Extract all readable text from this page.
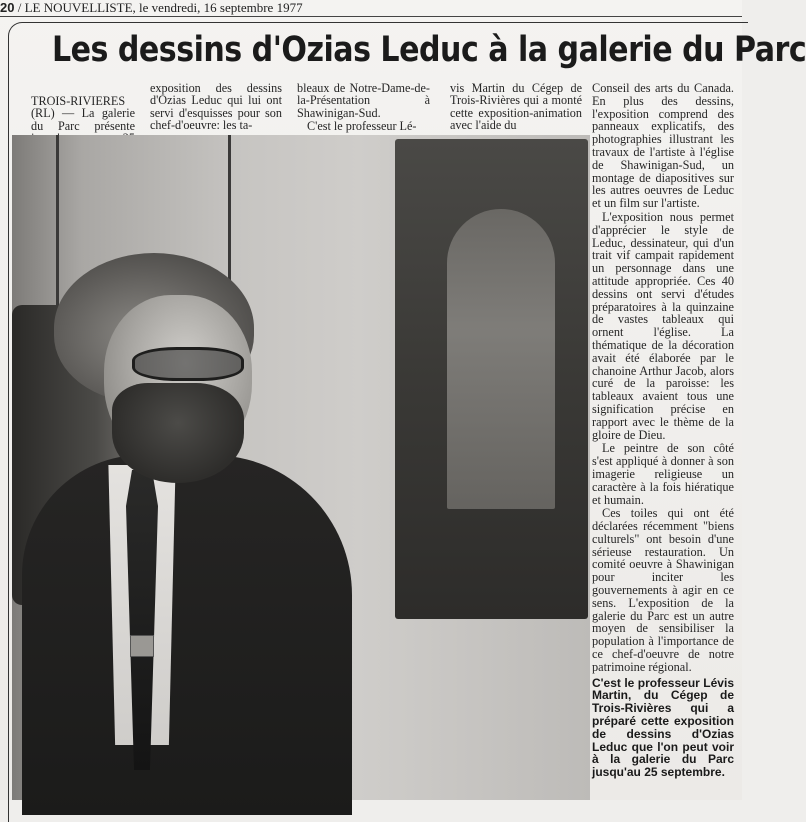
20 / LE NOUVELLISTE, le vendredi, 16 septembre 1977
Les dessins d'Ozias Leduc à la galerie du Parc

TROIS-RIVIERES (RL) — La galerie du Parc présente

exposition des dessins d'Ozias Leduc qui lui ont servi d'esquisses pour son chef-d'oeuvre: les ta-

bleaux de Notre-Dame-de-la-Présentation à Shawinigan-Sud.

C'est le professeur Lé-

vis Martin du Cégep de Trois-Rivières qui a monté cette exposition-animation avec l'aide du

Conseil des arts du Canada. En plus des dessins, l'exposition comprend des panneaux explicatifs, des photographies illustrant les travaux de l'artiste à l'église de Shawinigan-Sud, un montage de diapositives sur les autres oeuvres de Leduc et un film sur l'artiste.

L'exposition nous permet d'apprécier le style de Leduc, dessinateur, qui d'un trait vif campait rapidement un personnage dans une attitude appropriée. Ces 40 dessins ont servi d'études préparatoires à la quinzaine de vastes tableaux qui ornent l'église. La thématique de la décoration avait été élaborée par le chanoine Arthur Jacob, alors curé de la paroisse: les tableaux avaient tous une signification précise en rapport avec le thème de la gloire de Dieu.

Le peintre de son côté s'est appliqué à donner à son imagerie religieuse un caractère à la fois hiératique et humain.

Ces toiles qui ont été déclarées récemment "biens culturels" ont besoin d'une sérieuse restauration. Un comité oeuvre à Shawinigan pour inciter les gouvernements à agir en ce sens. L'exposition de la galerie du Parc est un autre moyen de sensibiliser la population à l'importance de ce chef-d'oeuvre de notre patrimoine régional.

C'est le professeur Lévis Martin, du Cégep de Trois-Rivières qui a préparé cette exposition de dessins d'Ozias Leduc que l'on peut voir à la galerie du Parc jusqu'au 25 septembre.
